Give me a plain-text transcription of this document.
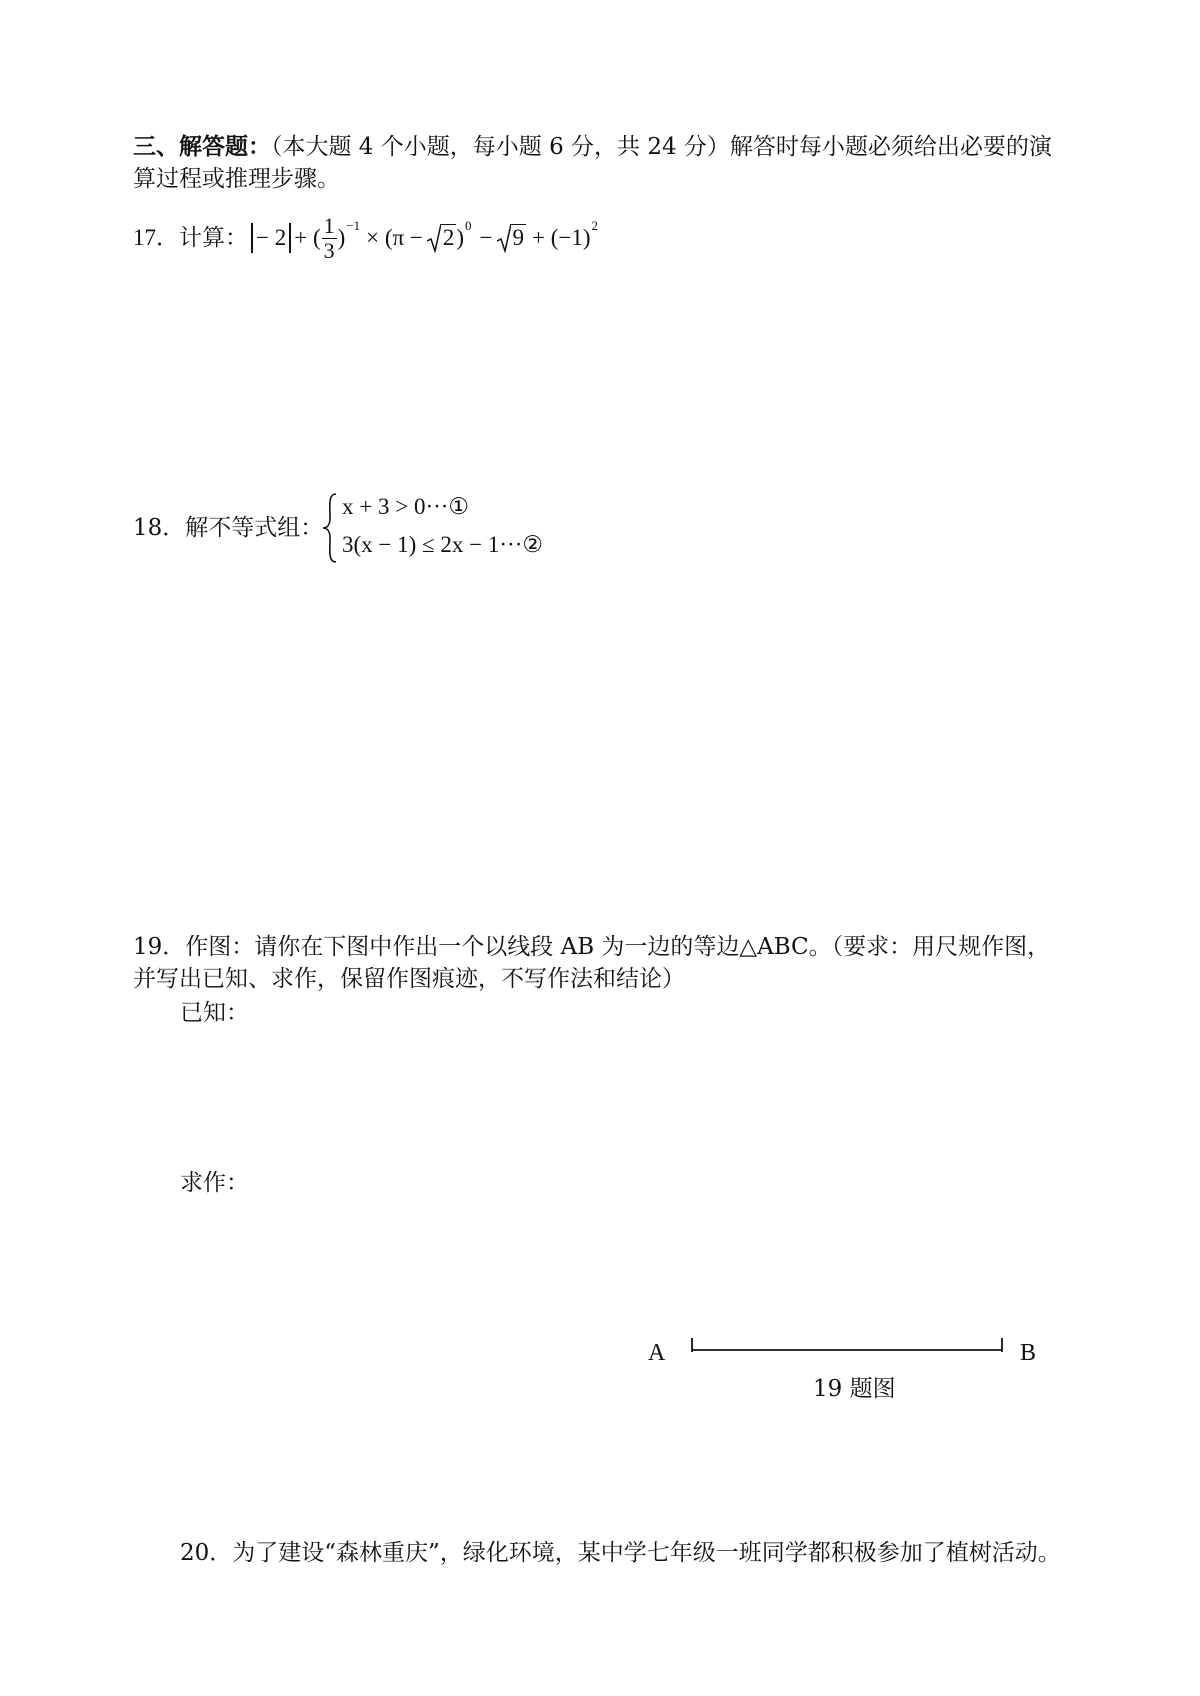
三、解答题：（本大题 4 个小题，每小题 6 分，共 24 分）解答时每小题必须给出必要的演
算过程或推理步骤。
17．计算： − 2 + ( $\frac{1}{3}$ ) −1 × (π − 2 ) 0 − 9 + (−1) 2
18．解不等式组：
x + 3 > 0···①
3(x − 1) ≤ 2x − 1···②
19．作图：请你在下图中作出一个以线段 AB 为一边的等边△ABC。（要求：用尺规作图，
并写出已知、求作，保留作图痕迹，不写作法和结论）
已知：
求作：
A	B
19 题图
20．为了建设“森林重庆”，绿化环境，某中学七年级一班同学都积极参加了植树活动。
